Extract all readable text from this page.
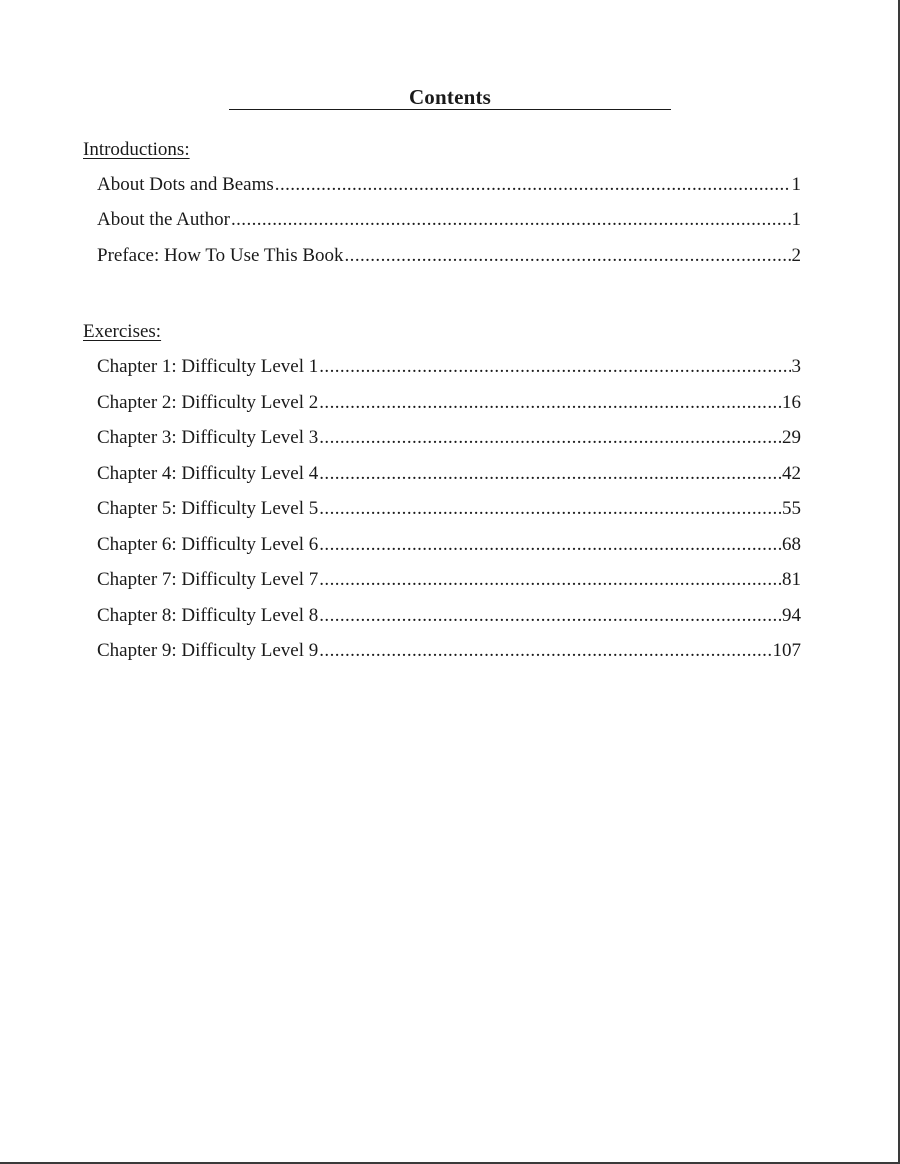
Contents
Introductions:
About Dots and Beams .....	1
About the Author .....	1
Preface: How To Use This Book .....	2
Exercises:
Chapter 1: Difficulty Level 1 .....	3
Chapter 2: Difficulty Level 2 .....	16
Chapter 3: Difficulty Level 3 .....	29
Chapter 4: Difficulty Level 4 .....	42
Chapter 5: Difficulty Level 5 .....	55
Chapter 6: Difficulty Level 6 .....	68
Chapter 7: Difficulty Level 7 .....	81
Chapter 8: Difficulty Level 8 .....	94
Chapter 9: Difficulty Level 9 .....	107
